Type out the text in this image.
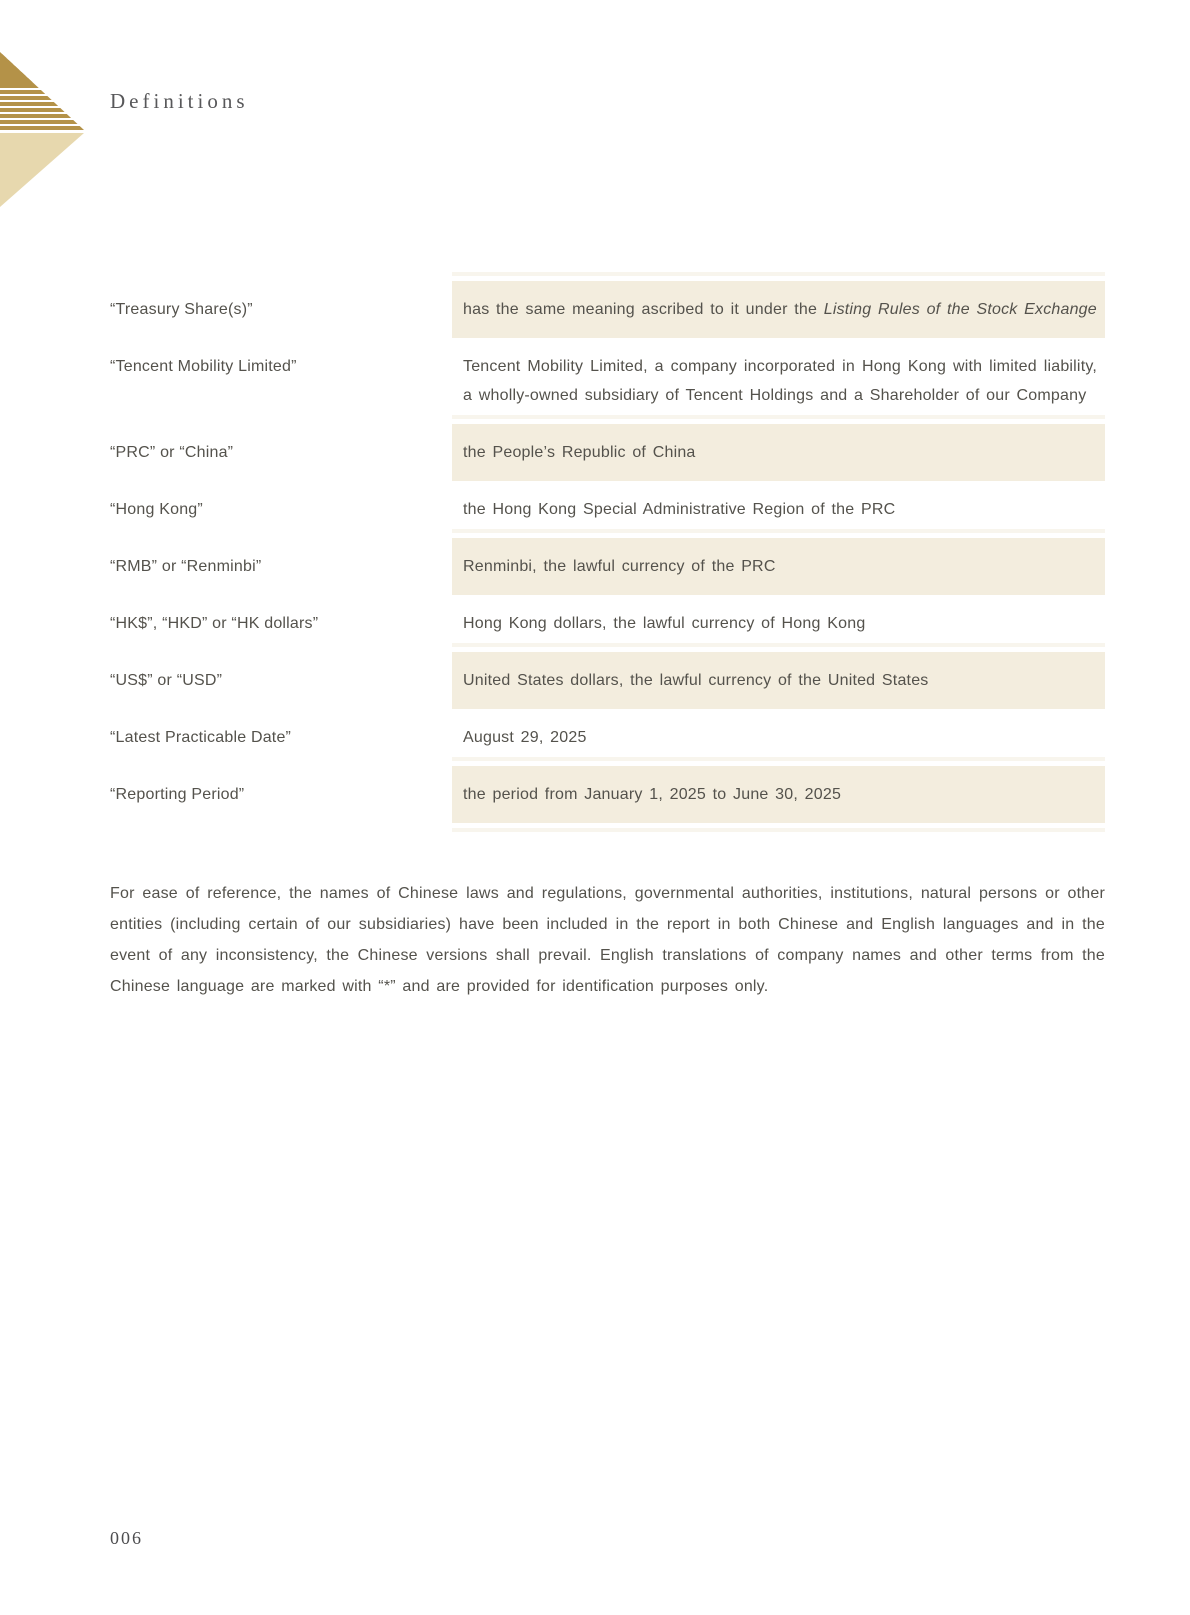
Definitions
“Treasury Share(s)”	has the same meaning ascribed to it under the Listing Rules of the Stock Exchange
“Tencent Mobility Limited”	Tencent Mobility Limited, a company incorporated in Hong Kong with limited liability, a wholly-owned subsidiary of Tencent Holdings and a Shareholder of our Company
“PRC” or “China”	the People’s Republic of China
“Hong Kong”	the Hong Kong Special Administrative Region of the PRC
“RMB” or “Renminbi”	Renminbi, the lawful currency of the PRC
“HK$”, “HKD” or “HK dollars”	Hong Kong dollars, the lawful currency of Hong Kong
“US$” or “USD”	United States dollars, the lawful currency of the United States
“Latest Practicable Date”	August 29, 2025
“Reporting Period”	the period from January 1, 2025 to June 30, 2025

For ease of reference, the names of Chinese laws and regulations, governmental authorities, institutions, natural persons or other entities (including certain of our subsidiaries) have been included in the report in both Chinese and English languages and in the event of any inconsistency, the Chinese versions shall prevail. English translations of company names and other terms from the Chinese language are marked with “*” and are provided for identification purposes only.

006
